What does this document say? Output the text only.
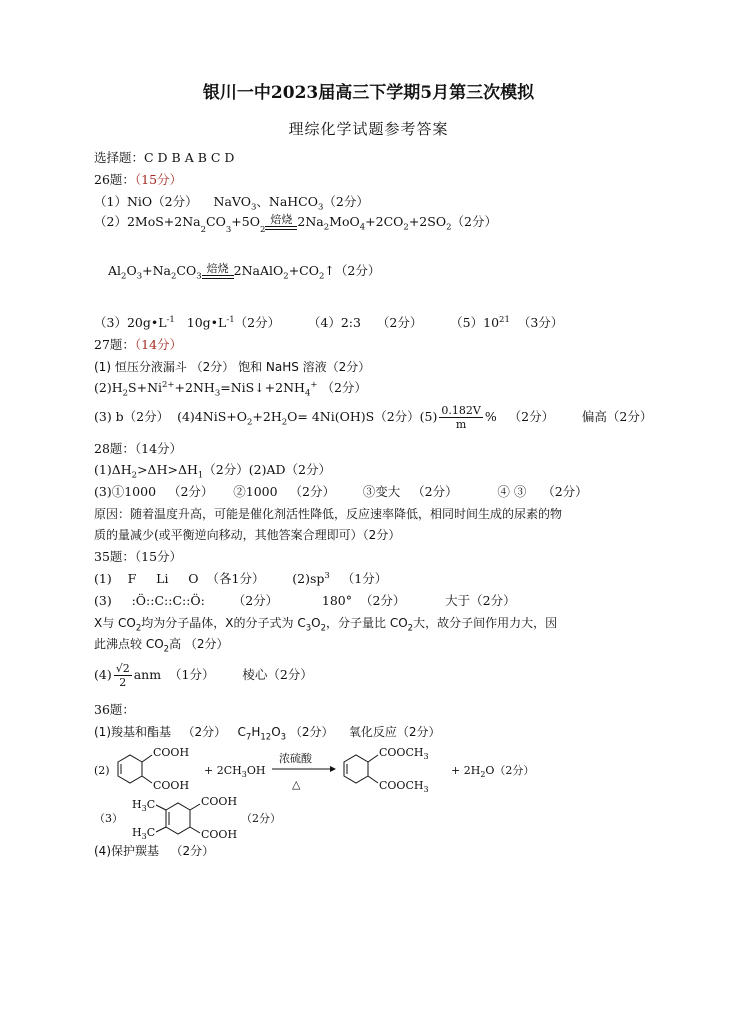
银川一中2023届高三下学期5月第三次模拟
理综化学试题参考答案
选择题：C D B A B C D
26题：（15分）
（1）NiO（2分） NaVO$_3$、NaHCO$_3$（2分）
（2）2MoS+2Na2CO3+5O2
焙烧 $2Na_2MoO_4+2CO_2+2SO_2(2$分）
$Al_2O_3+Na_2CO_3$
焙烧 $2NaAlO_2+CO_2↑(2$分）
$(3)20g•L^{-1}$ $10g•L^{-1}(2$分） （4）2:3 （2分） $(5)10^{21}$ （3分）
27题：（14分）
(1) 恒压分液漏斗 （2分） 饱和 NaHS 溶液（2分）
$(2)H_2S+Ni^{2+}+2NH_3=NiS↓+2NH_4^+$ （2分）
(3) b（2分） $(4)4NiS+O_2+2H_2O= 4Ni(OH)S(2$分）$(5) \frac{0.182V}{m}$ % （2分） 偏高（2分）
28题：（14分）
$(1)\Delta H_2>\Delta H>\Delta H_1(2$分）(2)AD（2分）
(3)①1000   （2分）     ②1000   （2分）       ③变大   （2分）          ④ ③    （2分）
原因：随着温度升高，可能是催化剂活性降低，反应速率降低，相同时间生成的尿素的物
质的量减少(或平衡逆向移动，其他答案合理即可）（2分）
35题：（15分）
(1)    F     Li     O  （各1分） $(2)sp^3$ （1分）
(3)     :Ö::C::C::Ö: （2分）	180°  （2分）	大于（2分）
X与 $CO_2$均为分子晶体，X的分子式为 $C_3O_2$，分子量比 $CO_2$大，故分子间作用力大，因
此沸点较 $CO_2$高 （2分）
$(4) \frac{√2}{2}$ anm  （1分） 棱心（2分）
36题：
(1)羧基和酯基   （2分） $C_7H_{12}O_3$ （2分） 氧化反应（2分）
(2)
COOH
COOH
+ $2CH_3OH$
浓硫酸
△
$COOCH_3$
$COOCH_3$
+ $2H_2O(2$分）
（3）
$H_3C$
$H_3C$
COOH
COOH
（2分）
(4)保护羰基   （2分）
